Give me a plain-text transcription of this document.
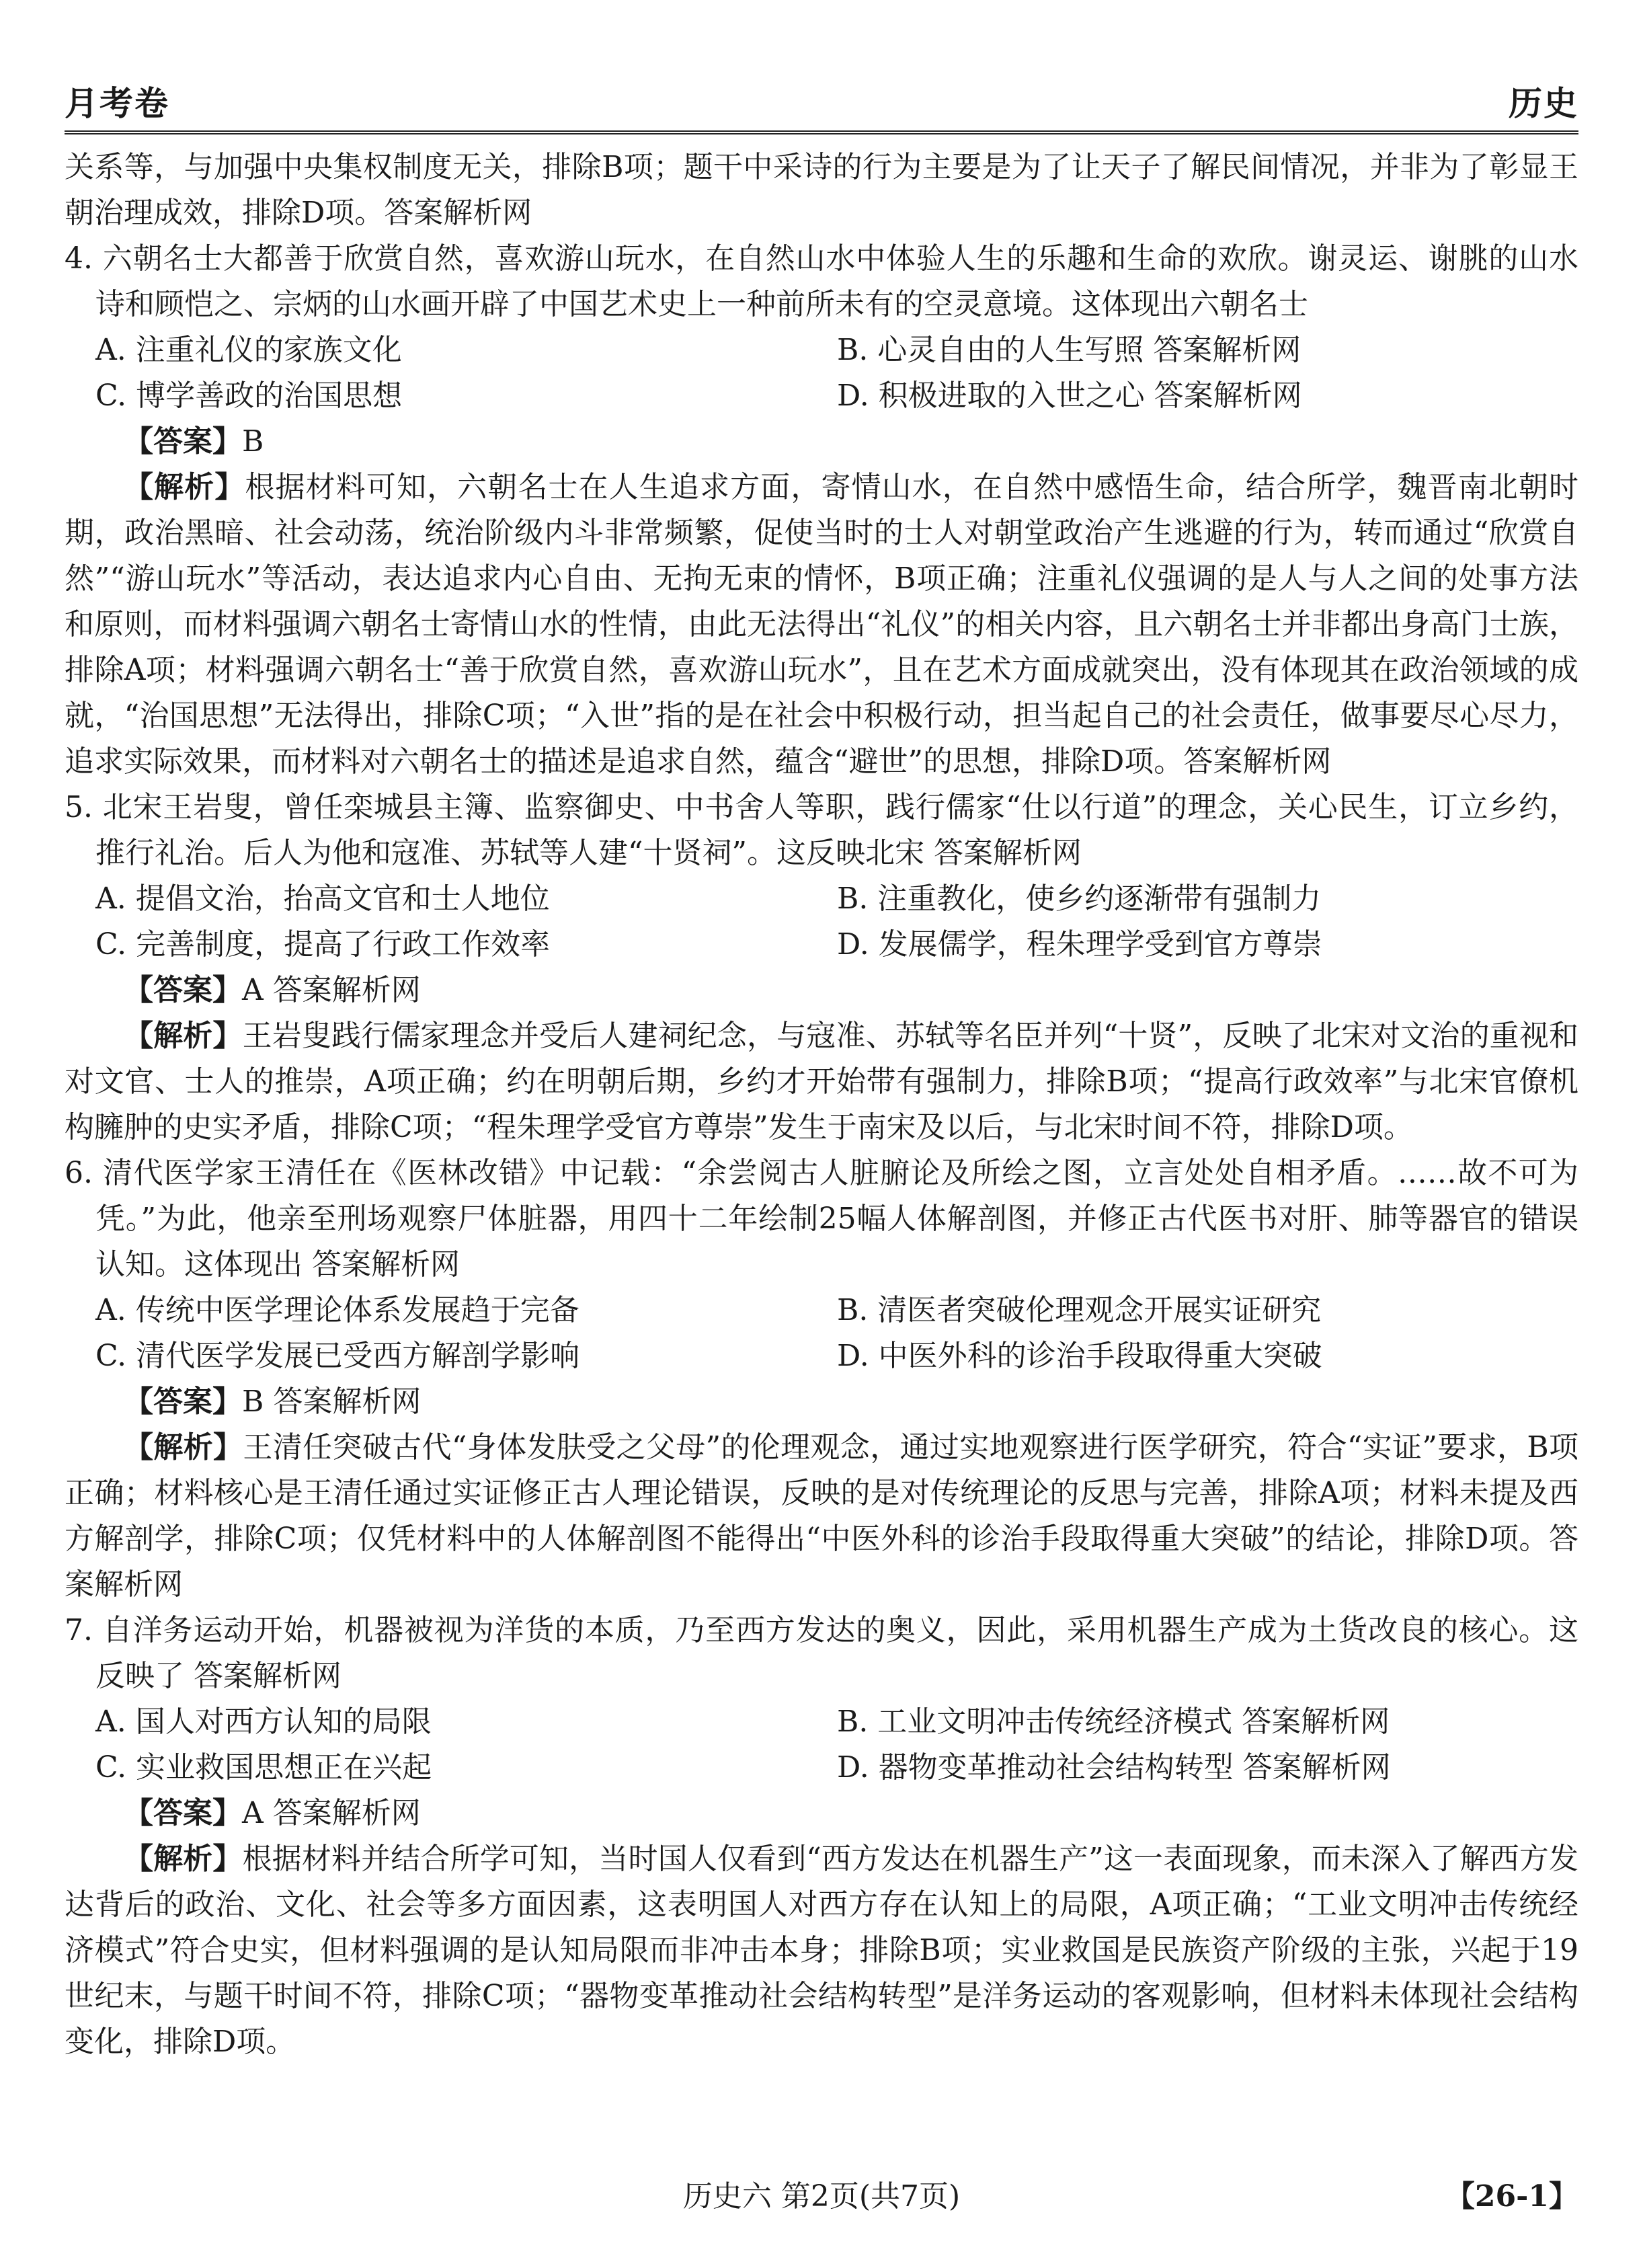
月考卷	历史

关系等，与加强中央集权制度无关，排除B项；题干中采诗的行为主要是为了让天子了解民间情况，并非为了彰显王朝治理成效，排除D项。答案解析网

4. 六朝名士大都善于欣赏自然，喜欢游山玩水，在自然山水中体验人生的乐趣和生命的欢欣。谢灵运、谢朓的山水诗和顾恺之、宗炳的山水画开辟了中国艺术史上一种前所未有的空灵意境。这体现出六朝名士

A. 注重礼仪的家族文化	B. 心灵自由的人生写照 答案解析网
C. 博学善政的治国思想	D. 积极进取的入世之心 答案解析网

【答案】B

【解析】根据材料可知，六朝名士在人生追求方面，寄情山水，在自然中感悟生命，结合所学，魏晋南北朝时期，政治黑暗、社会动荡，统治阶级内斗非常频繁，促使当时的士人对朝堂政治产生逃避的行为，转而通过“欣赏自然”“游山玩水”等活动，表达追求内心自由、无拘无束的情怀，B项正确；注重礼仪强调的是人与人之间的处事方法和原则，而材料强调六朝名士寄情山水的性情，由此无法得出“礼仪”的相关内容，且六朝名士并非都出身高门士族，排除A项；材料强调六朝名士“善于欣赏自然，喜欢游山玩水”，且在艺术方面成就突出，没有体现其在政治领域的成就，“治国思想”无法得出，排除C项；“入世”指的是在社会中积极行动，担当起自己的社会责任，做事要尽心尽力，追求实际效果，而材料对六朝名士的描述是追求自然，蕴含“避世”的思想，排除D项。答案解析网

5. 北宋王岩叟，曾任栾城县主簿、监察御史、中书舍人等职，践行儒家“仕以行道”的理念，关心民生，订立乡约，推行礼治。后人为他和寇准、苏轼等人建“十贤祠”。这反映北宋 答案解析网

A. 提倡文治，抬高文官和士人地位	B. 注重教化，使乡约逐渐带有强制力
C. 完善制度，提高了行政工作效率	D. 发展儒学，程朱理学受到官方尊崇

【答案】A 答案解析网

【解析】王岩叟践行儒家理念并受后人建祠纪念，与寇准、苏轼等名臣并列“十贤”，反映了北宋对文治的重视和对文官、士人的推崇，A项正确；约在明朝后期，乡约才开始带有强制力，排除B项；“提高行政效率”与北宋官僚机构臃肿的史实矛盾，排除C项；“程朱理学受官方尊崇”发生于南宋及以后，与北宋时间不符，排除D项。

6. 清代医学家王清任在《医林改错》中记载：“余尝阅古人脏腑论及所绘之图，立言处处自相矛盾。……故不可为凭。”为此，他亲至刑场观察尸体脏器，用四十二年绘制25幅人体解剖图，并修正古代医书对肝、肺等器官的错误认知。这体现出 答案解析网

A. 传统中医学理论体系发展趋于完备	B. 清医者突破伦理观念开展实证研究
C. 清代医学发展已受西方解剖学影响	D. 中医外科的诊治手段取得重大突破

【答案】B 答案解析网

【解析】王清任突破古代“身体发肤受之父母”的伦理观念，通过实地观察进行医学研究，符合“实证”要求，B项正确；材料核心是王清任通过实证修正古人理论错误，反映的是对传统理论的反思与完善，排除A项；材料未提及西方解剖学，排除C项；仅凭材料中的人体解剖图不能得出“中医外科的诊治手段取得重大突破”的结论，排除D项。答案解析网

7. 自洋务运动开始，机器被视为洋货的本质，乃至西方发达的奥义，因此，采用机器生产成为土货改良的核心。这反映了 答案解析网

A. 国人对西方认知的局限	B. 工业文明冲击传统经济模式 答案解析网
C. 实业救国思想正在兴起	D. 器物变革推动社会结构转型 答案解析网

【答案】A 答案解析网

【解析】根据材料并结合所学可知，当时国人仅看到“西方发达在机器生产”这一表面现象，而未深入了解西方发达背后的政治、文化、社会等多方面因素，这表明国人对西方存在认知上的局限，A项正确；“工业文明冲击传统经济模式”符合史实，但材料强调的是认知局限而非冲击本身；排除B项；实业救国是民族资产阶级的主张，兴起于19世纪末，与题干时间不符，排除C项；“器物变革推动社会结构转型”是洋务运动的客观影响，但材料未体现社会结构变化，排除D项。

历史六 第2页(共7页)	【26-1】
